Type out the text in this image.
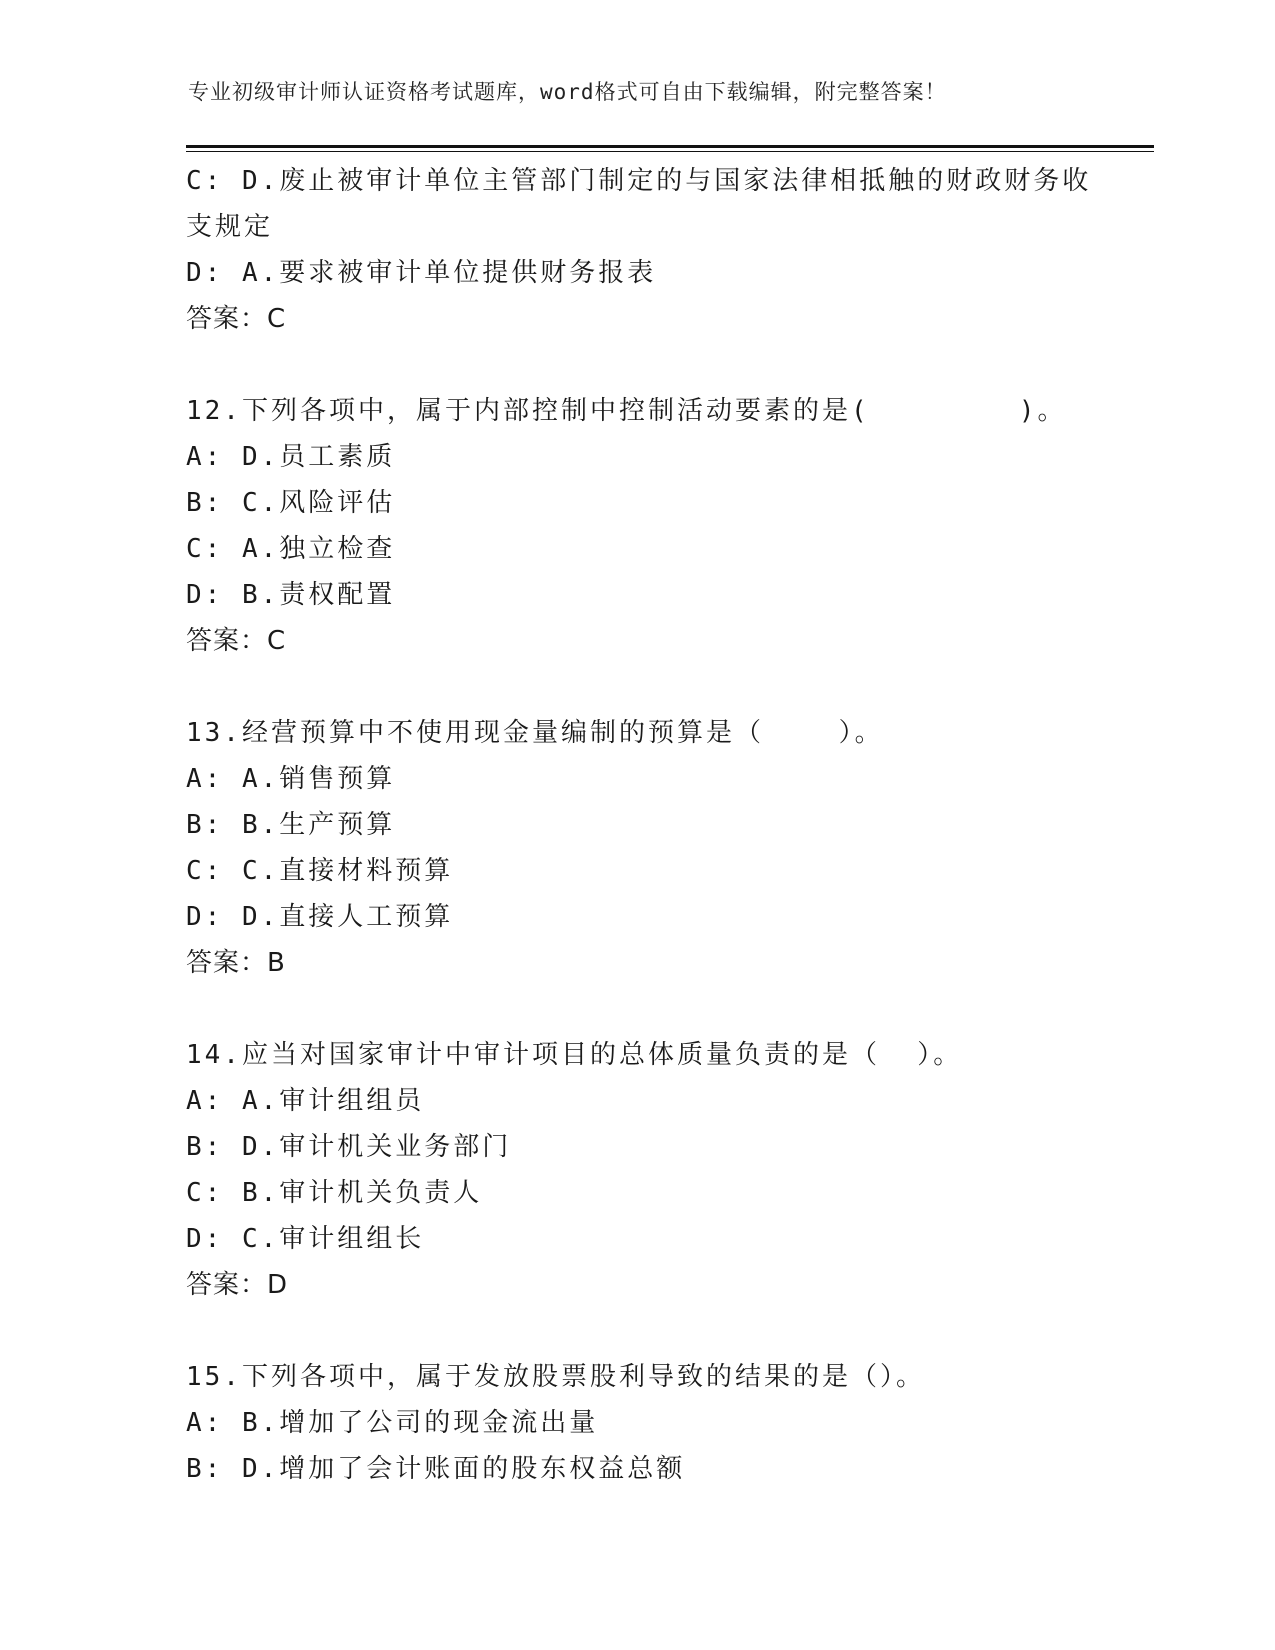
专业初级审计师认证资格考试题库，word格式可自由下载编辑，附完整答案！
C: D.废止被审计单位主管部门制定的与国家法律相抵触的财政财务收
支规定
D: A.要求被审计单位提供财务报表
答案：C
12.下列各项中，属于内部控制中控制活动要素的是(        )。
A: D.员工素质
B: C.风险评估
C: A.独立检查
D: B.责权配置
答案：C
13.经营预算中不使用现金量编制的预算是（    ）。
A: A.销售预算
B: B.生产预算
C: C.直接材料预算
D: D.直接人工预算
答案：B
14.应当对国家审计中审计项目的总体质量负责的是（  ）。
A: A.审计组组员
B: D.审计机关业务部门
C: B.审计机关负责人
D: C.审计组组长
答案：D
15.下列各项中，属于发放股票股利导致的结果的是（）。
A: B.增加了公司的现金流出量
B: D.增加了会计账面的股东权益总额
